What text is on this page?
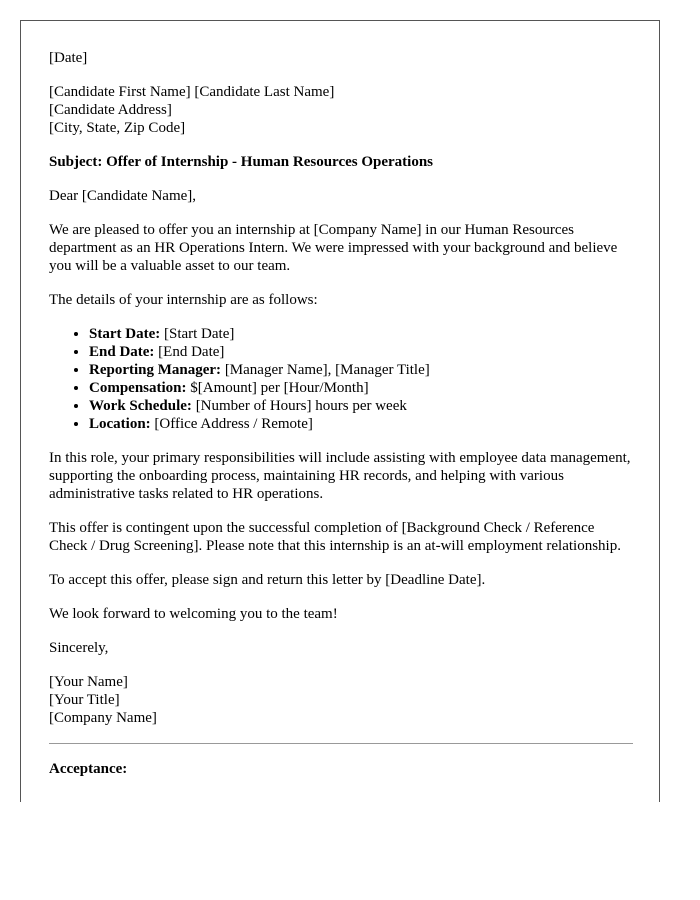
[Date]

[Candidate First Name] [Candidate Last Name]
[Candidate Address]
[City, State, Zip Code]

Subject: Offer of Internship - Human Resources Operations

Dear [Candidate Name],

We are pleased to offer you an internship at [Company Name] in our Human Resources department as an HR Operations Intern. We were impressed with your background and believe you will be a valuable asset to our team.

The details of your internship are as follows:

• Start Date: [Start Date]
• End Date: [End Date]
• Reporting Manager: [Manager Name], [Manager Title]
• Compensation: $[Amount] per [Hour/Month]
• Work Schedule: [Number of Hours] hours per week
• Location: [Office Address / Remote]

In this role, your primary responsibilities will include assisting with employee data management, supporting the onboarding process, maintaining HR records, and helping with various administrative tasks related to HR operations.

This offer is contingent upon the successful completion of [Background Check / Reference Check / Drug Screening]. Please note that this internship is an at-will employment relationship.

To accept this offer, please sign and return this letter by [Deadline Date].

We look forward to welcoming you to the team!

Sincerely,

[Your Name]
[Your Title]
[Company Name]

Acceptance:
